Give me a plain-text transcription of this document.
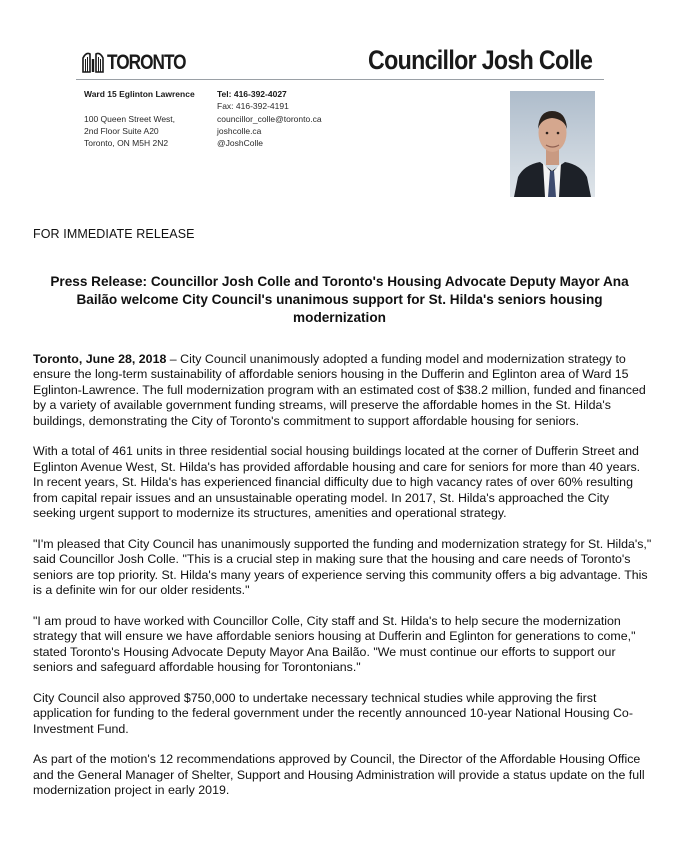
TORONTO	Councillor Josh Colle
Ward 15 Eglinton Lawrence
100 Queen Street West,
2nd Floor Suite A20
Toronto, ON M5H 2N2
Tel: 416-392-4027
Fax: 416-392-4191
councillor_colle@toronto.ca
joshcolle.ca
@JoshColle
FOR IMMEDIATE RELEASE
Press Release: Councillor Josh Colle and Toronto's Housing Advocate Deputy Mayor Ana Bailão welcome City Council's unanimous support for St. Hilda's seniors housing modernization

Toronto, June 28, 2018 – City Council unanimously adopted a funding model and modernization strategy to ensure the long-term sustainability of affordable seniors housing in the Dufferin and Eglinton area of Ward 15 Eglinton-Lawrence. The full modernization program with an estimated cost of $38.2 million, funded and financed by a variety of available government funding streams, will preserve the affordable homes in the St. Hilda's buildings, demonstrating the City of Toronto's commitment to support affordable housing for seniors.

With a total of 461 units in three residential social housing buildings located at the corner of Dufferin Street and Eglinton Avenue West, St. Hilda's has provided affordable housing and care for seniors for more than 40 years. In recent years, St. Hilda's has experienced financial difficulty due to high vacancy rates of over 60% resulting from capital repair issues and an unsustainable operating model. In 2017, St. Hilda's approached the City seeking urgent support to modernize its structures, amenities and operational strategy.

"I'm pleased that City Council has unanimously supported the funding and modernization strategy for St. Hilda's," said Councillor Josh Colle. "This is a crucial step in making sure that the housing and care needs of Toronto's seniors are top priority. St. Hilda's many years of experience serving this community offers a big advantage. This is a definite win for our older residents."

"I am proud to have worked with Councillor Colle, City staff and St. Hilda's to help secure the modernization strategy that will ensure we have affordable seniors housing at Dufferin and Eglinton for generations to come," stated Toronto's Housing Advocate Deputy Mayor Ana Bailão. "We must continue our efforts to support our seniors and safeguard affordable housing for Torontonians."

City Council also approved $750,000 to undertake necessary technical studies while approving the first application for funding to the federal government under the recently announced 10-year National Housing Co-Investment Fund.

As part of the motion's 12 recommendations approved by Council, the Director of the Affordable Housing Office and the General Manager of Shelter, Support and Housing Administration will provide a status update on the full modernization project in early 2019.
